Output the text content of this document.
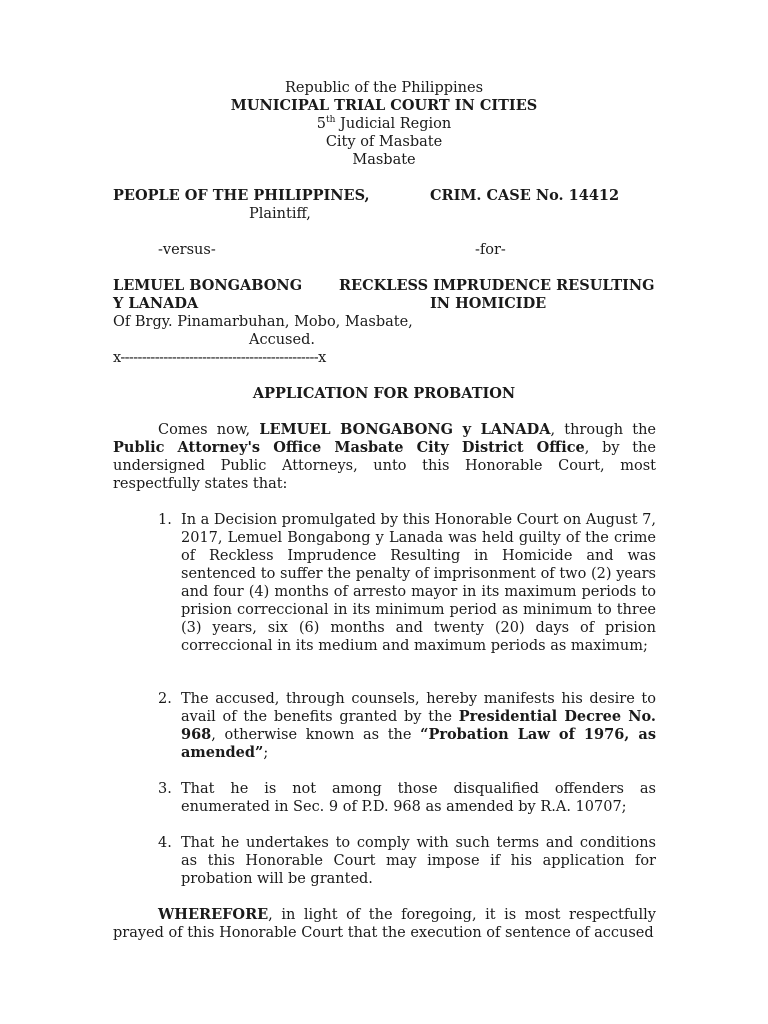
Republic of the Philippines
MUNICIPAL TRIAL COURT IN CITIES
5th Judicial Region
City of Masbate
Masbate
PEOPLE OF THE PHILIPPINES,
Plaintiff,
CRIM. CASE No. 14412
-versus-	-for-
LEMUEL BONGABONG
Y LANADA
RECKLESS IMPRUDENCE RESULTING
IN HOMICIDE
Of Brgy. Pinamarbuhan, Mobo, Masbate,
Accused.
x----------------------------------------------x
APPLICATION FOR PROBATION
Comes now, LEMUEL BONGABONG y LANADA, through the Public Attorney's Office Masbate City District Office, by the undersigned Public Attorneys, unto this Honorable Court, most respectfully states that:
1. In a Decision promulgated by this Honorable Court on August 7, 2017, Lemuel Bongabong y Lanada was held guilty of the crime of Reckless Imprudence Resulting in Homicide and was sentenced to suffer the penalty of imprisonment of two (2) years and four (4) months of arresto mayor in its maximum periods to prision correccional in its minimum period as minimum to three (3) years, six (6) months and twenty (20) days of prision correccional in its medium and maximum periods as maximum;
2. The accused, through counsels, hereby manifests his desire to avail of the benefits granted by the Presidential Decree No. 968, otherwise known as the “Probation Law of 1976, as amended”;
3. That he is not among those disqualified offenders as enumerated in Sec. 9 of P.D. 968 as amended by R.A. 10707;
4. That he undertakes to comply with such terms and conditions as this Honorable Court may impose if his application for probation will be granted.
WHEREFORE, in light of the foregoing, it is most respectfully prayed of this Honorable Court that the execution of sentence of accused
